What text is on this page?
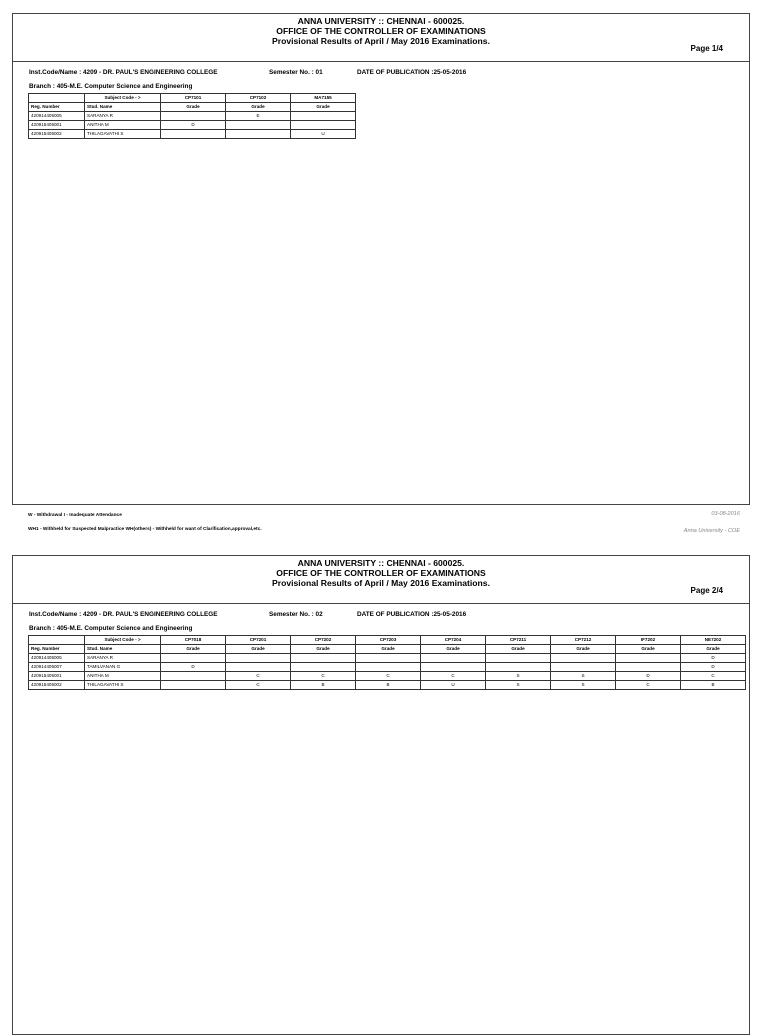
ANNA UNIVERSITY :: CHENNAI - 600025.
OFFICE OF THE CONTROLLER OF EXAMINATIONS
Provisional Results of April / May 2016 Examinations.
Page 1/4
Inst.Code/Name : 4209 - DR. PAUL'S ENGINEERING COLLEGE	Semester No. : 01	DATE OF PUBLICATION :25-05-2016
Branch : 405-M.E. Computer Science and Engineering
	Subject Code - >	CP7101	CP7102	MA7155
Reg. Number	Stud. Name	Grade	Grade	Grade
420914405005	SARANYA R		E	
420915405001	ANITHA M	D		
420915405002	THILAGAVATHI S			U
W - Withdrawal I - Inadequate Attendance
WH1 - Withheld for Suspected Malpractice WH(others) - Withheld for want of Clarification,approval,etc.
03-08-2016
Anna University - COE
ANNA UNIVERSITY :: CHENNAI - 600025.
OFFICE OF THE CONTROLLER OF EXAMINATIONS
Provisional Results of April / May 2016 Examinations.
Page 2/4
Inst.Code/Name : 4209 - DR. PAUL'S ENGINEERING COLLEGE	Semester No. : 02	DATE OF PUBLICATION :25-05-2016
Branch : 405-M.E. Computer Science and Engineering
	Subject Code - >	CP7018	CP7201	CP7202	CP7203	CP7204	CP7211	CP7212	IF7202	NE7202
Reg. Number	Stud. Name	Grade	Grade	Grade	Grade	Grade	Grade	Grade	Grade	Grade
420914405005	SARANYA R									D
420914405007	TAMILVANAN G	D								D
420915405001	ANITHA M		C	C	C	C	S	S	D	C
420915405002	THILAGAVATHI S		C	B	B	U	S	S	C	B
